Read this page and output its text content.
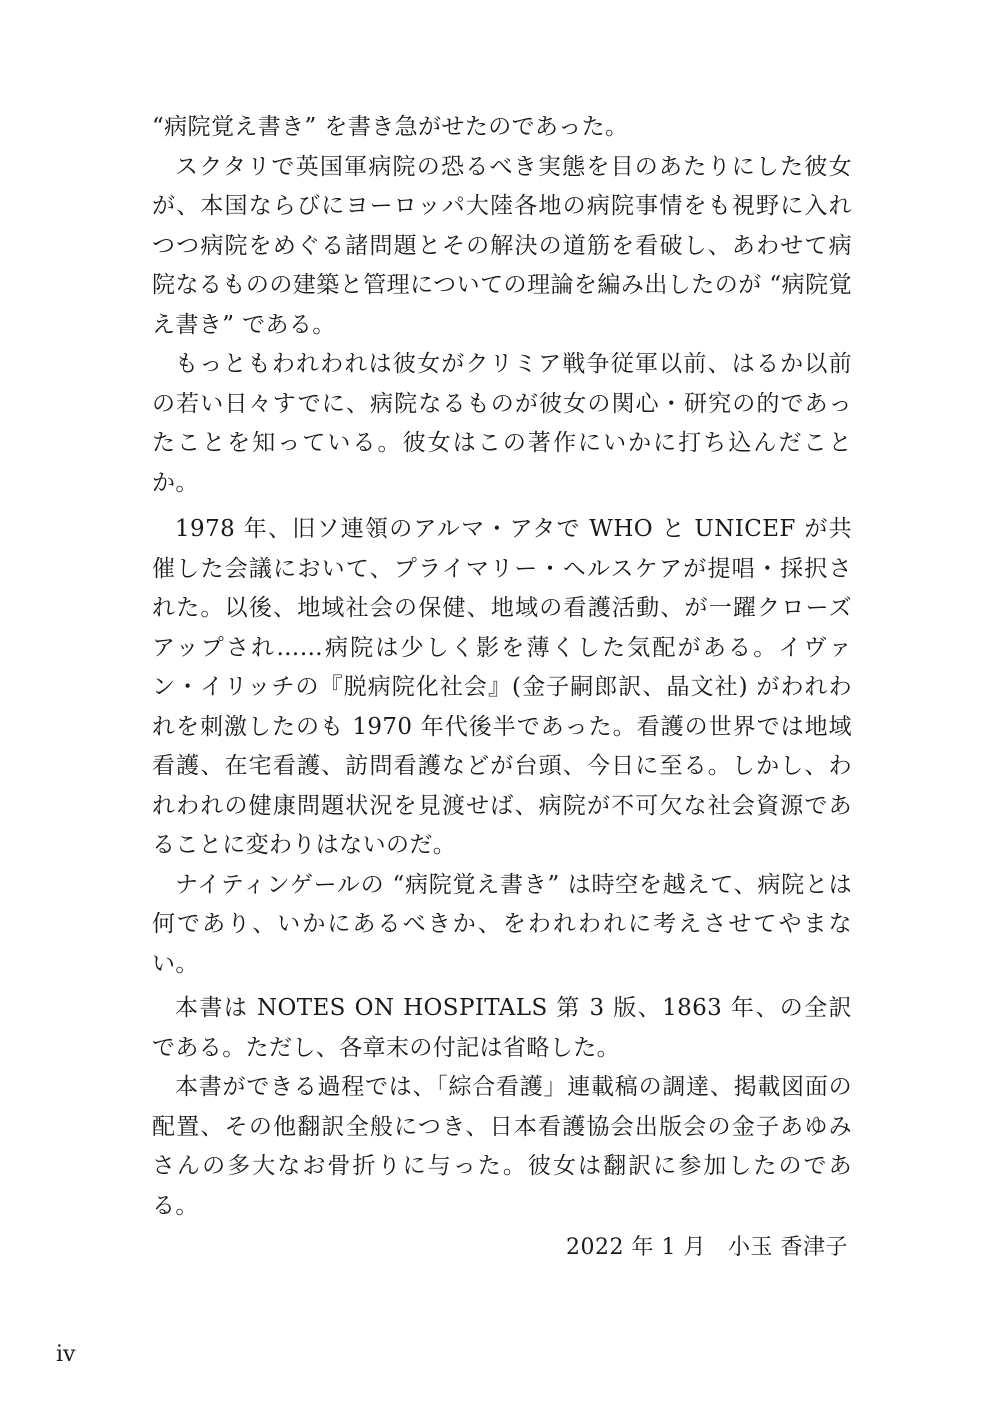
“病院覚え書き” を書き急がせたのであった。

スクタリで英国軍病院の恐るべき実態を目のあたりにした彼女が、本国ならびにヨーロッパ大陸各地の病院事情をも視野に入れつつ病院をめぐる諸問題とその解決の道筋を看破し、あわせて病院なるものの建築と管理についての理論を編み出したのが “病院覚え書き” である。

もっともわれわれは彼女がクリミア戦争従軍以前、はるか以前の若い日々すでに、病院なるものが彼女の関心・研究の的であったことを知っている。彼女はこの著作にいかに打ち込んだことか。

1978 年、旧ソ連領のアルマ・アタで WHO と UNICEF が共催した会議において、プライマリー・ヘルスケアが提唱・採択された。以後、地域社会の保健、地域の看護活動、が一躍クローズアップされ……病院は少しく影を薄くした気配がある。イヴァン・イリッチの『脱病院化社会』(金子嗣郎訳、晶文社) がわれわれを刺激したのも 1970 年代後半であった。看護の世界では地域看護、在宅看護、訪問看護などが台頭、今日に至る。しかし、われわれの健康問題状況を見渡せば、病院が不可欠な社会資源であることに変わりはないのだ。

ナイティンゲールの “病院覚え書き” は時空を越えて、病院とは何であり、いかにあるべきか、をわれわれに考えさせてやまない。

本書は NOTES ON HOSPITALS 第 3 版、1863 年、の全訳である。ただし、各章末の付記は省略した。

本書ができる過程では、「綜合看護」連載稿の調達、掲載図面の配置、その他翻訳全般につき、日本看護協会出版会の金子あゆみさんの多大なお骨折りに与った。彼女は翻訳に参加したのである。

2022 年 1 月 小玉 香津子
iv
